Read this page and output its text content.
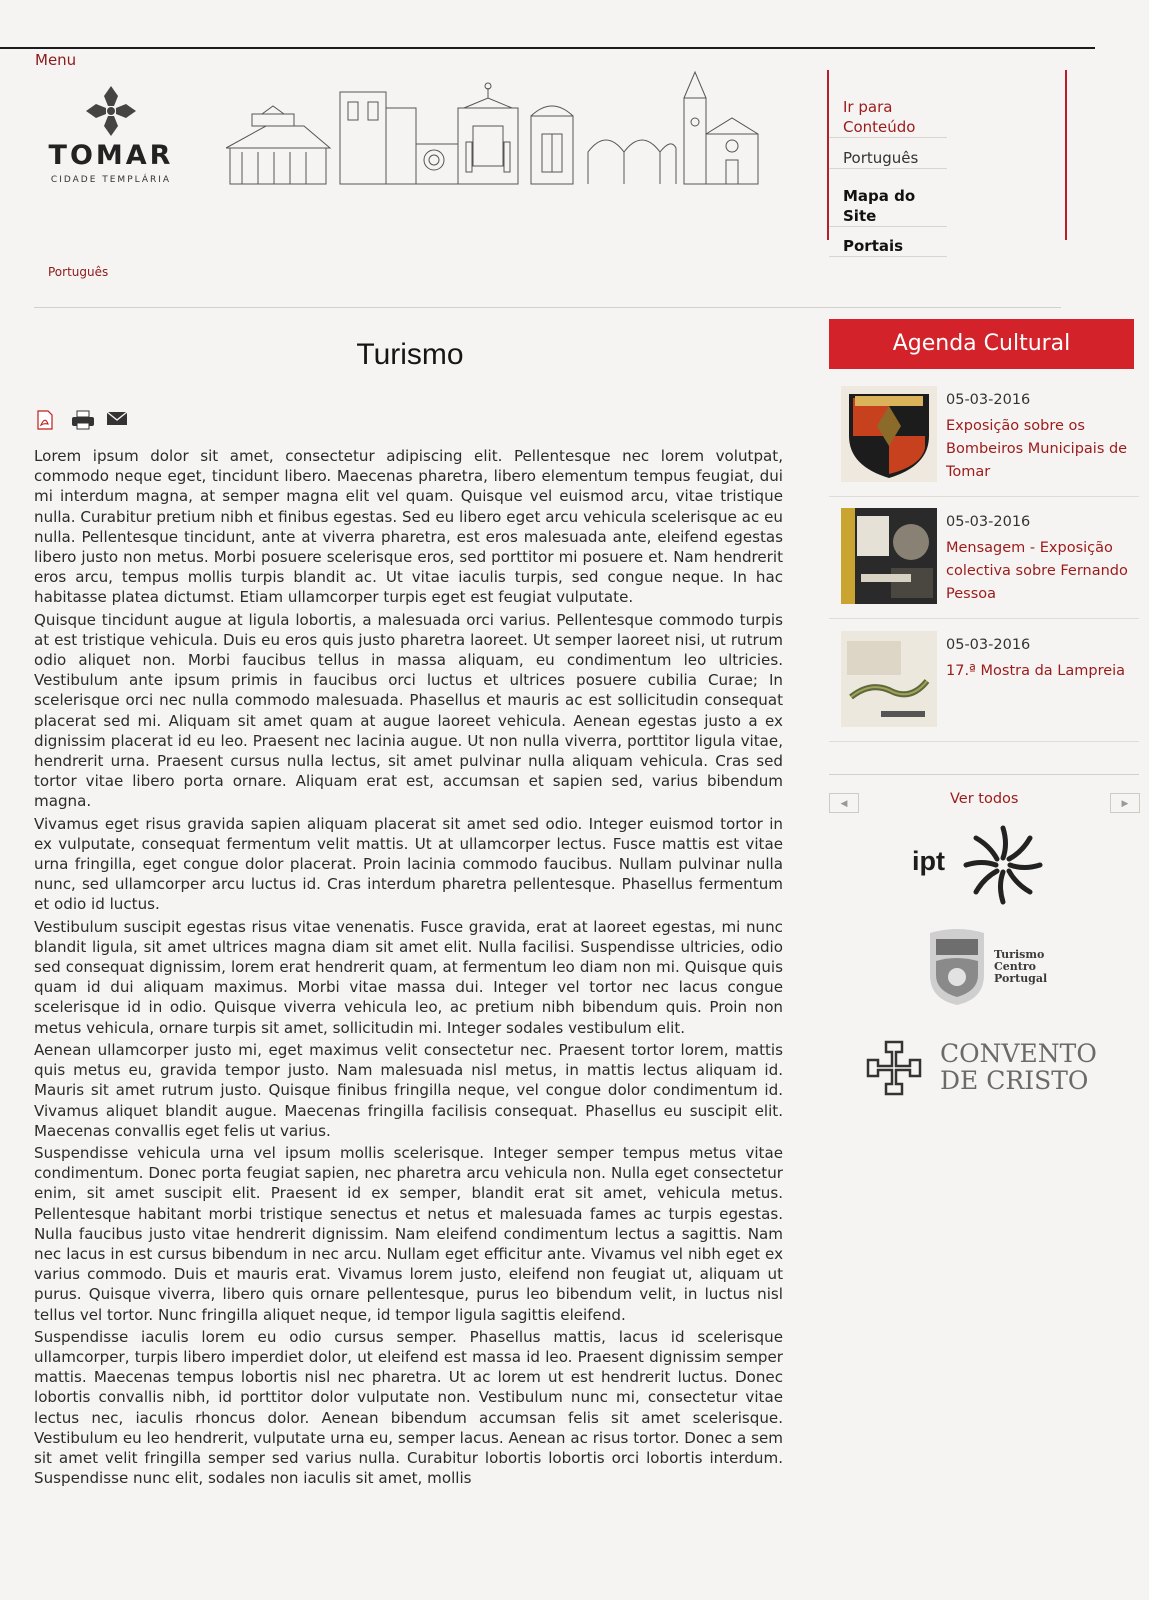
Menu
TOMAR
CIDADE TEMPLÁRIA
Português
Ir para Conteúdo
Português
Mapa do Site
Portais
Turismo

Lorem ipsum dolor sit amet, consectetur adipiscing elit. Pellentesque nec lorem volutpat, commodo neque eget, tincidunt libero. Maecenas pharetra, libero elementum tempus feugiat, dui mi interdum magna, at semper magna elit vel quam. Quisque vel euismod arcu, vitae tristique nulla. Curabitur pretium nibh et finibus egestas. Sed eu libero eget arcu vehicula scelerisque ac eu nulla. Pellentesque tincidunt, ante at viverra pharetra, est eros malesuada ante, eleifend egestas libero justo non metus. Morbi posuere scelerisque eros, sed porttitor mi posuere et. Nam hendrerit eros arcu, tempus mollis turpis blandit ac. Ut vitae iaculis turpis, sed congue neque. In hac habitasse platea dictumst. Etiam ullamcorper turpis eget est feugiat vulputate.

Quisque tincidunt augue at ligula lobortis, a malesuada orci varius. Pellentesque commodo turpis at est tristique vehicula. Duis eu eros quis justo pharetra laoreet. Ut semper laoreet nisi, ut rutrum odio aliquet non. Morbi faucibus tellus in massa aliquam, eu condimentum leo ultricies. Vestibulum ante ipsum primis in faucibus orci luctus et ultrices posuere cubilia Curae; In scelerisque orci nec nulla commodo malesuada. Phasellus et mauris ac est sollicitudin consequat placerat sed mi. Aliquam sit amet quam at augue laoreet vehicula. Aenean egestas justo a ex dignissim placerat id eu leo. Praesent nec lacinia augue. Ut non nulla viverra, porttitor ligula vitae, hendrerit urna. Praesent cursus nulla lectus, sit amet pulvinar nulla aliquam vehicula. Cras sed tortor vitae libero porta ornare. Aliquam erat est, accumsan et sapien sed, varius bibendum magna.

Vivamus eget risus gravida sapien aliquam placerat sit amet sed odio. Integer euismod tortor in ex vulputate, consequat fermentum velit mattis. Ut at ullamcorper lectus. Fusce mattis est vitae urna fringilla, eget congue dolor placerat. Proin lacinia commodo faucibus. Nullam pulvinar nulla nunc, sed ullamcorper arcu luctus id. Cras interdum pharetra pellentesque. Phasellus fermentum et odio id luctus.

Vestibulum suscipit egestas risus vitae venenatis. Fusce gravida, erat at laoreet egestas, mi nunc blandit ligula, sit amet ultrices magna diam sit amet elit. Nulla facilisi. Suspendisse ultricies, odio sed consequat dignissim, lorem erat hendrerit quam, at fermentum leo diam non mi. Quisque quis quam id dui aliquam maximus. Morbi vitae massa dui. Integer vel tortor nec lacus congue scelerisque id in odio. Quisque viverra vehicula leo, ac pretium nibh bibendum quis. Proin non metus vehicula, ornare turpis sit amet, sollicitudin mi. Integer sodales vestibulum elit.

Aenean ullamcorper justo mi, eget maximus velit consectetur nec. Praesent tortor lorem, mattis quis metus eu, gravida tempor justo. Nam malesuada nisl metus, in mattis lectus aliquam id. Mauris sit amet rutrum justo. Quisque finibus fringilla neque, vel congue dolor condimentum id. Vivamus aliquet blandit augue. Maecenas fringilla facilisis consequat. Phasellus eu suscipit elit. Maecenas convallis eget felis ut varius.

Suspendisse vehicula urna vel ipsum mollis scelerisque. Integer semper tempus metus vitae condimentum. Donec porta feugiat sapien, nec pharetra arcu vehicula non. Nulla eget consectetur enim, sit amet suscipit elit. Praesent id ex semper, blandit erat sit amet, vehicula metus. Pellentesque habitant morbi tristique senectus et netus et malesuada fames ac turpis egestas. Nulla faucibus justo vitae hendrerit dignissim. Nam eleifend condimentum lectus a sagittis. Nam nec lacus in est cursus bibendum in nec arcu. Nullam eget efficitur ante. Vivamus vel nibh eget ex varius commodo. Duis et mauris erat. Vivamus lorem justo, eleifend non feugiat ut, aliquam ut purus. Quisque viverra, libero quis ornare pellentesque, purus leo bibendum velit, in luctus nisl tellus vel tortor. Nunc fringilla aliquet neque, id tempor ligula sagittis eleifend.

Suspendisse iaculis lorem eu odio cursus semper. Phasellus mattis, lacus id scelerisque ullamcorper, turpis libero imperdiet dolor, ut eleifend est massa id leo. Praesent dignissim semper mattis. Maecenas tempus lobortis nisl nec pharetra. Ut ac lorem ut est hendrerit luctus. Donec lobortis convallis nibh, id porttitor dolor vulputate non. Vestibulum nunc mi, consectetur vitae lectus nec, iaculis rhoncus dolor. Aenean bibendum accumsan felis sit amet scelerisque. Vestibulum eu leo hendrerit, vulputate urna eu, semper lacus. Aenean ac risus tortor. Donec a sem sit amet velit fringilla semper sed varius nulla. Curabitur lobortis lobortis orci lobortis interdum. Suspendisse nunc elit, sodales non iaculis sit amet, mollis

Agenda Cultural
05-03-2016
Exposição sobre os Bombeiros Municipais de Tomar
05-03-2016
Mensagem - Exposição colectiva sobre Fernando Pessoa
05-03-2016
17.ª Mostra da Lampreia
◀	Ver todos	▶
ipt
Turismo Centro Portugal
CONVENTO DE CRISTO
